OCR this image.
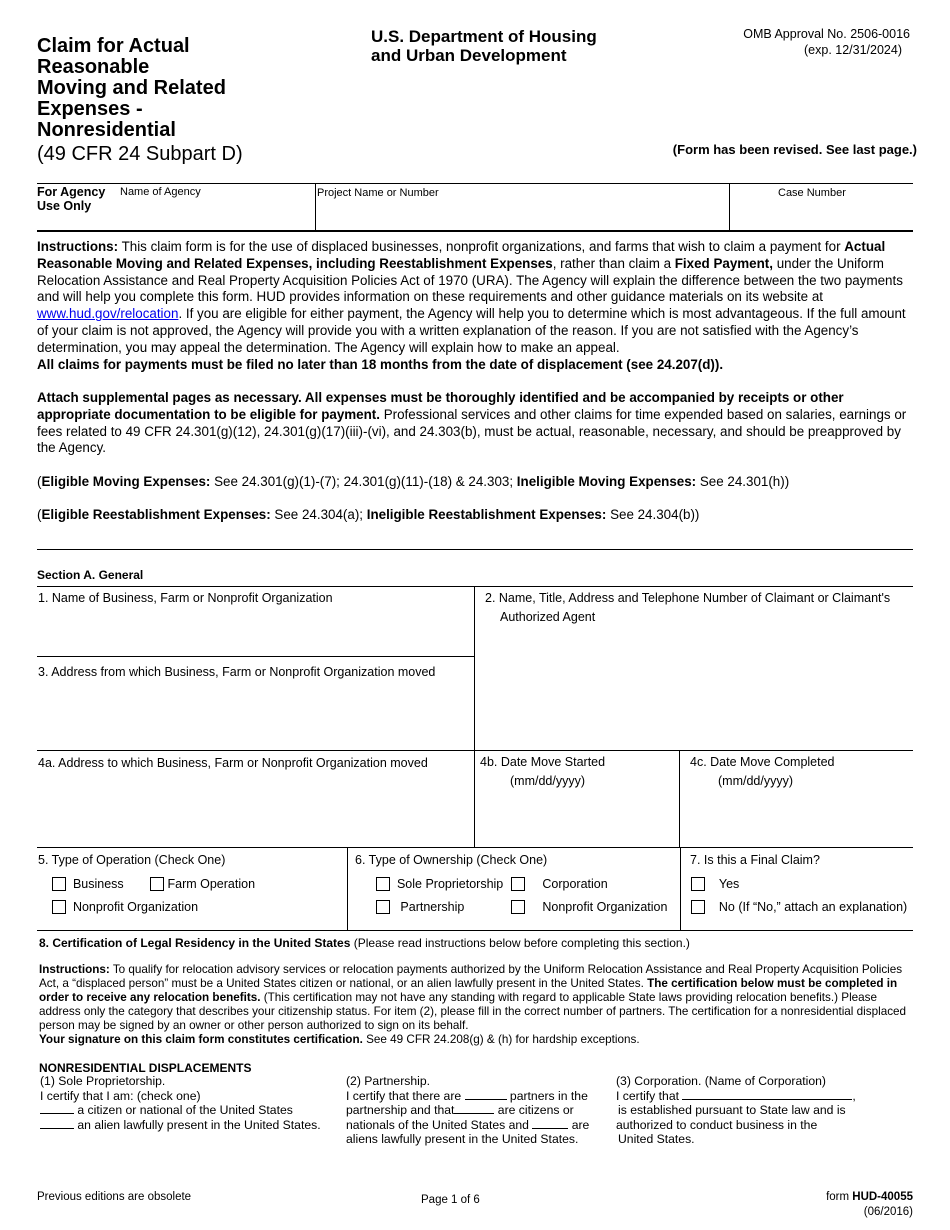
Claim for Actual
Reasonable
Moving and Related
Expenses -
Nonresidential
(49 CFR 24 Subpart D)
U.S. Department of Housing
and Urban Development
OMB Approval No. 2506-0016
(exp. 12/31/2024)
(Form has been revised. See last page.)
For Agency
Use Only
Name of Agency	Project Name or Number	Case Number
Instructions: This claim form is for the use of displaced businesses, nonprofit organizations, and farms that wish to claim a payment for Actual Reasonable Moving and Related Expenses, including Reestablishment Expenses, rather than claim a Fixed Payment, under the Uniform Relocation Assistance and Real Property Acquisition Policies Act of 1970 (URA). The Agency will explain the difference between the two payments and will help you complete this form. HUD provides information on these requirements and other guidance materials on its website at www.hud.gov/relocation. If you are eligible for either payment, the Agency will help you to determine which is most advantageous. If the full amount of your claim is not approved, the Agency will provide you with a written explanation of the reason. If you are not satisfied with the Agency’s determination, you may appeal the determination. The Agency will explain how to make an appeal.
All claims for payments must be filed no later than 18 months from the date of displacement (see 24.207(d)).
Attach supplemental pages as necessary. All expenses must be thoroughly identified and be accompanied by receipts or other appropriate documentation to be eligible for payment. Professional services and other claims for time expended based on salaries, earnings or fees related to 49 CFR 24.301(g)(12), 24.301(g)(17)(iii)-(vi), and 24.303(b), must be actual, reasonable, necessary, and should be preapproved by the Agency.
(Eligible Moving Expenses: See 24.301(g)(1)-(7); 24.301(g)(11)-(18) & 24.303; Ineligible Moving Expenses: See 24.301(h))
(Eligible Reestablishment Expenses: See 24.304(a); Ineligible Reestablishment Expenses: See 24.304(b))
Section A. General
1. Name of Business, Farm or Nonprofit Organization	2. Name, Title, Address and Telephone Number of Claimant or Claimant's
Authorized Agent
3. Address from which Business, Farm or Nonprofit Organization moved
4a. Address to which Business, Farm or Nonprofit Organization moved	4b. Date Move Started
(mm/dd/yyyy)
4c. Date Move Completed
(mm/dd/yyyy)
5. Type of Operation (Check One)
Business	Farm Operation
Nonprofit Organization
6. Type of Ownership (Check One)
Sole Proprietorship	Corporation
Partnership	Nonprofit Organization
7. Is this a Final Claim?
Yes
No (If “No,” attach an explanation)
8. Certification of Legal Residency in the United States (Please read instructions below before completing this section.)
Instructions: To qualify for relocation advisory services or relocation payments authorized by the Uniform Relocation Assistance and Real Property Acquisition Policies Act, a “displaced person” must be a United States citizen or national, or an alien lawfully present in the United States. The certification below must be completed in order to receive any relocation benefits. (This certification may not have any standing with regard to applicable State laws providing relocation benefits.) Please address only the category that describes your citizenship status. For item (2), please fill in the correct number of partners. The certification for a nonresidential displaced person may be signed by an owner or other person authorized to sign on its behalf.
Your signature on this claim form constitutes certification. See 49 CFR 24.208(g) & (h) for hardship exceptions.
NONRESIDENTIAL DISPLACEMENTS
(1) Sole Proprietorship.
I certify that I am: (check one)
a citizen or national of the United States
an alien lawfully present in the United States.
(2) Partnership.
I certify that there are	partners in the
partnership and that	are citizens or
nationals of the United States and	are
aliens lawfully present in the United States.
(3) Corporation. (Name of Corporation)
I certify that	,
is established pursuant to State law and is
authorized to conduct business in the
United States.
Previous editions are obsolete	Page 1 of 6	form HUD-40055
(06/2016)
